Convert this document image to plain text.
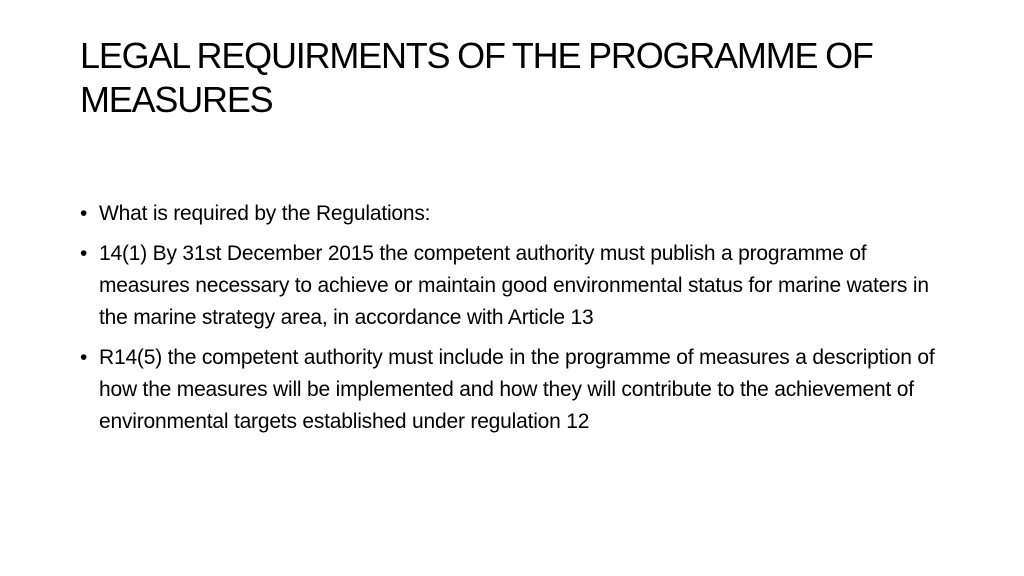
LEGAL REQUIRMENTS OF THE PROGRAMME OF MEASURES
• What is required by the Regulations:
• 14(1) By 31st December 2015 the competent authority must publish a programme of measures necessary to achieve or maintain good environmental status for marine waters in the marine strategy area, in accordance with Article 13
• R14(5) the competent authority must include in the programme of measures a description of how the measures will be implemented and how they will contribute to the achievement of environmental targets established under regulation 12
